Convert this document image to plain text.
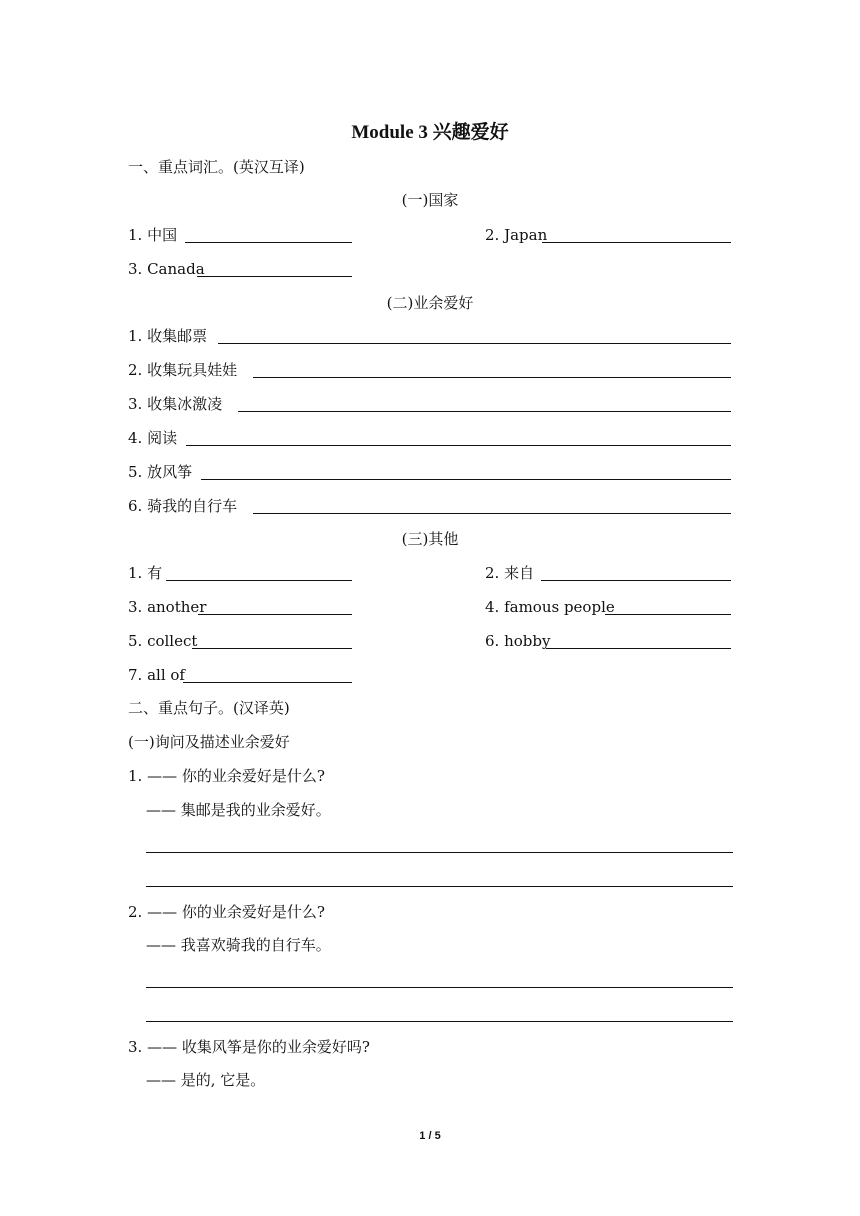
Module 3 兴趣爱好
一、重点词汇。(英汉互译)
(一)国家
1. 中国	2. Japan
3. Canada
(二)业余爱好
1. 收集邮票
2. 收集玩具娃娃
3. 收集冰激凌
4. 阅读
5. 放风筝
6. 骑我的自行车
(三)其他
1. 有	2. 来自
3. another	4. famous people
5. collect	6. hobby
7. all of
二、重点句子。(汉译英)
(一)询问及描述业余爱好
1. —— 你的业余爱好是什么?
—— 集邮是我的业余爱好。
2. —— 你的业余爱好是什么?
—— 我喜欢骑我的自行车。
3. —— 收集风筝是你的业余爱好吗?
—— 是的, 它是。
1 / 5
